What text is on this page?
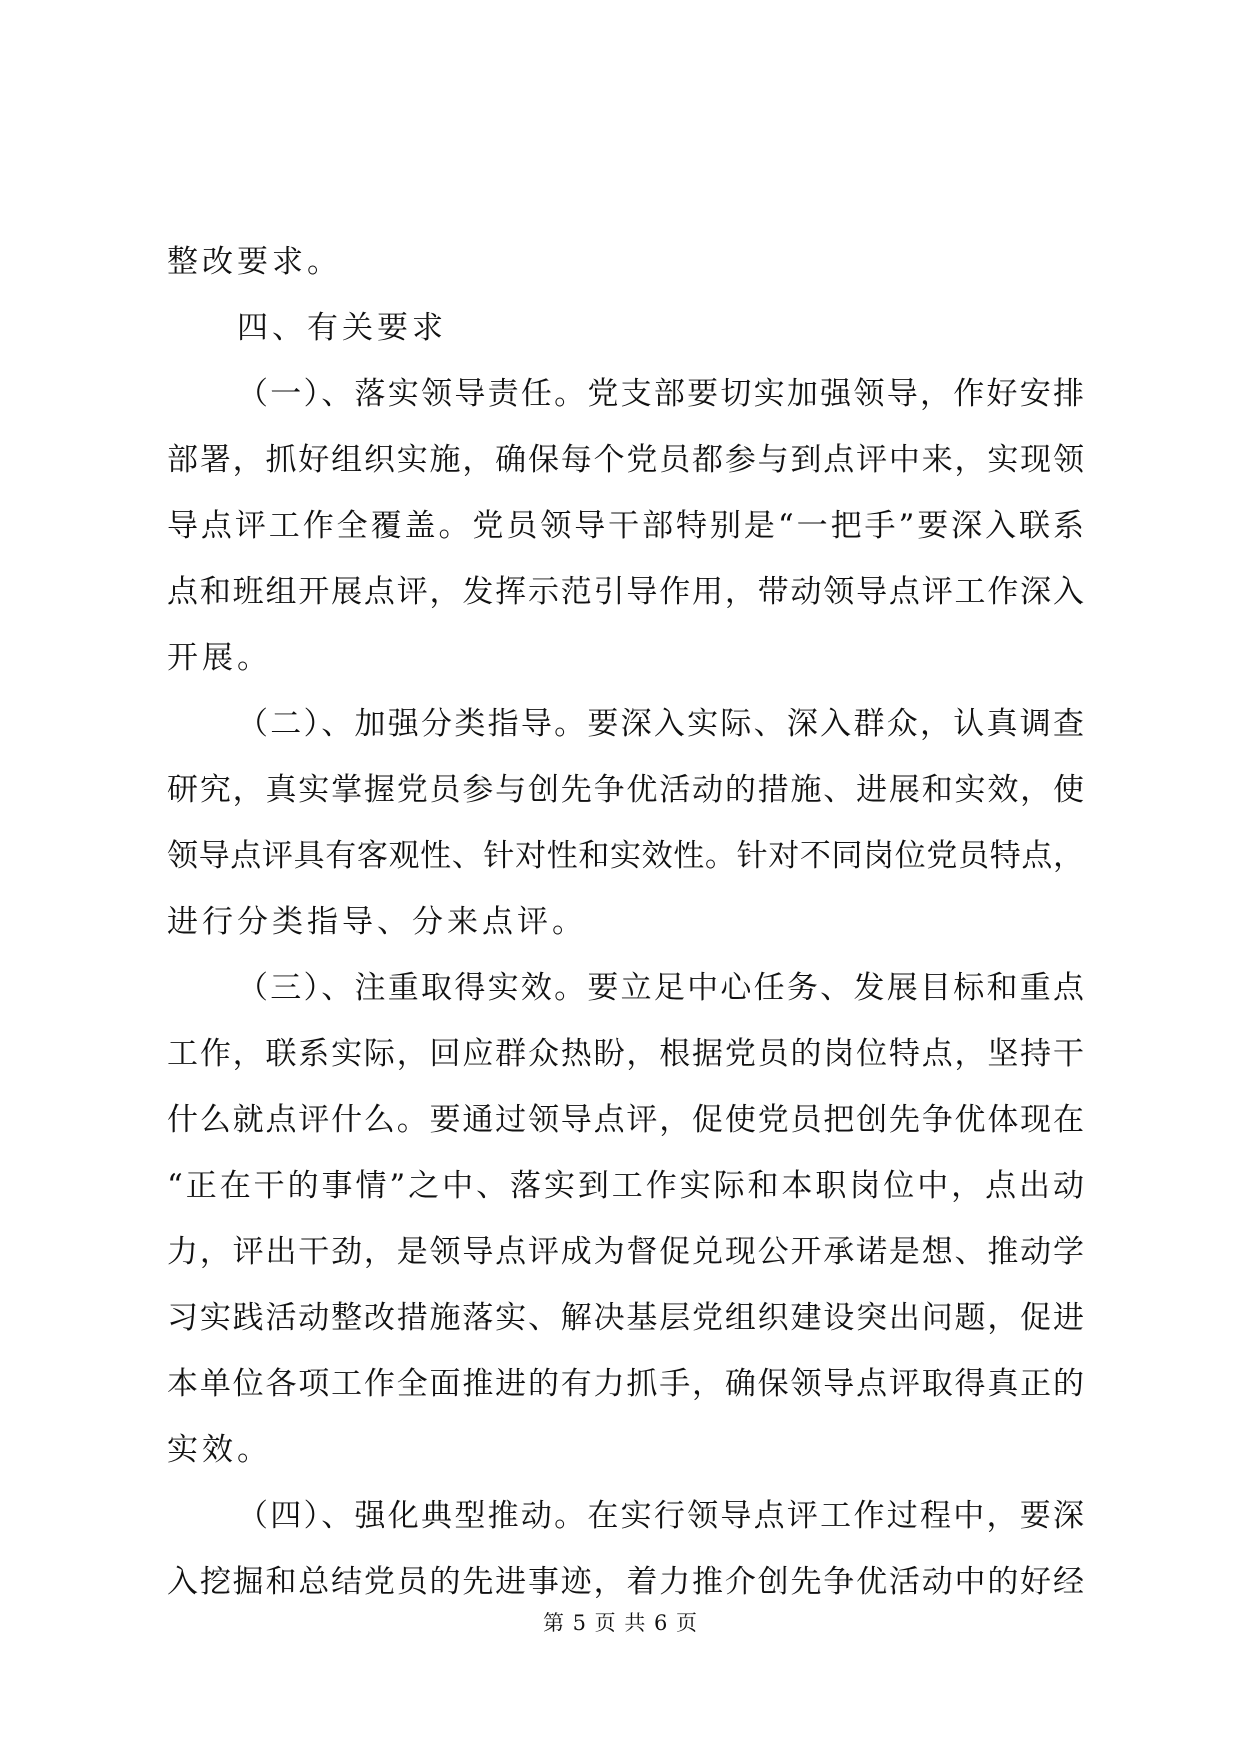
整改要求。
四、有关要求
（一）、落实领导责任。党支部要切实加强领导，作好安排
部署，抓好组织实施，确保每个党员都参与到点评中来，实现领
导点评工作全覆盖。党员领导干部特别是“一把手”要深入联系
点和班组开展点评，发挥示范引导作用，带动领导点评工作深入
开展。
（二）、加强分类指导。要深入实际、深入群众，认真调查
研究，真实掌握党员参与创先争优活动的措施、进展和实效，使
领导点评具有客观性、针对性和实效性。针对不同岗位党员特点，
进行分类指导、分来点评。
（三）、注重取得实效。要立足中心任务、发展目标和重点
工作，联系实际，回应群众热盼，根据党员的岗位特点，坚持干
什么就点评什么。要通过领导点评，促使党员把创先争优体现在
“正在干的事情”之中、落实到工作实际和本职岗位中，点出动
力，评出干劲，是领导点评成为督促兑现公开承诺是想、推动学
习实践活动整改措施落实、解决基层党组织建设突出问题，促进
本单位各项工作全面推进的有力抓手，确保领导点评取得真正的
实效。
（四）、强化典型推动。在实行领导点评工作过程中，要深
入挖掘和总结党员的先进事迹，着力推介创先争优活动中的好经
第 5 页 共 6 页
